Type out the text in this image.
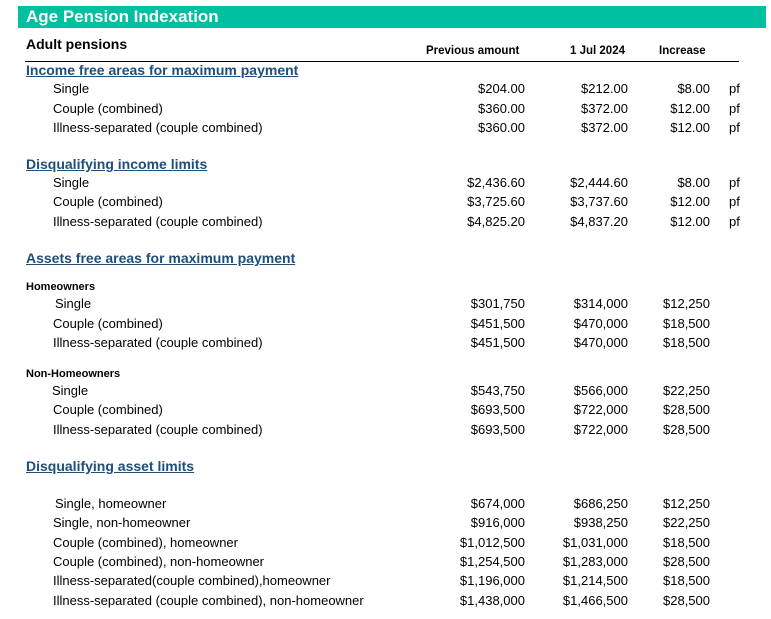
Age Pension Indexation
Adult pensions	Previous amount	1 Jul 2024	Increase
Income free areas for maximum payment
Single	$204.00	$212.00	$8.00 pf
Couple (combined)	$360.00	$372.00	$12.00 pf
Illness-separated (couple combined)	$360.00	$372.00	$12.00 pf
Disqualifying income limits
Single	$2,436.60	$2,444.60	$8.00 pf
Couple (combined)	$3,725.60	$3,737.60	$12.00 pf
Illness-separated (couple combined)	$4,825.20	$4,837.20	$12.00 pf
Assets free areas for maximum payment
Homeowners
Single	$301,750	$314,000	$12,250
Couple (combined)	$451,500	$470,000	$18,500
Illness-separated (couple combined)	$451,500	$470,000	$18,500
Non-Homeowners
Single	$543,750	$566,000	$22,250
Couple (combined)	$693,500	$722,000	$28,500
Illness-separated (couple combined)	$693,500	$722,000	$28,500
Disqualifying asset limits
Single, homeowner	$674,000	$686,250	$12,250
Single, non-homeowner	$916,000	$938,250	$22,250
Couple (combined), homeowner	$1,012,500	$1,031,000	$18,500
Couple (combined), non-homeowner	$1,254,500	$1,283,000	$28,500
Illness-separated(couple combined),homeowner	$1,196,000	$1,214,500	$18,500
Illness-separated (couple combined), non-homeowner	$1,438,000	$1,466,500	$28,500
